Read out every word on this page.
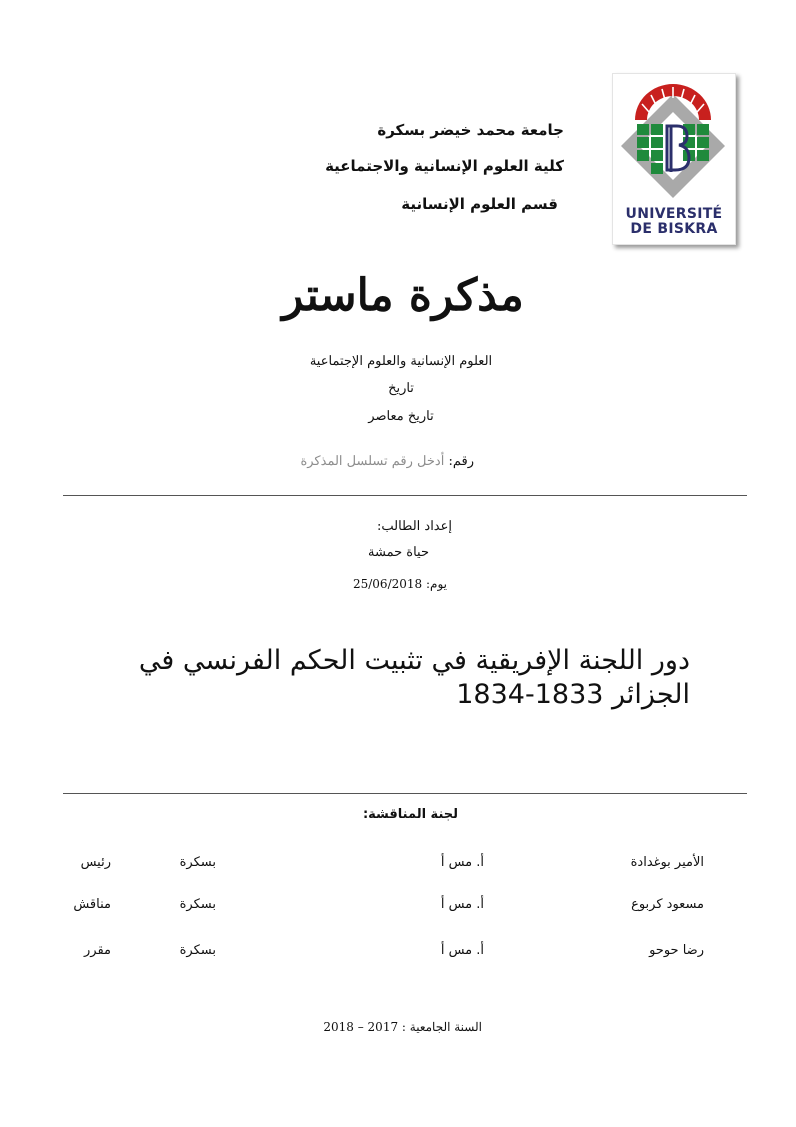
جامعة محمد خيضر بسكرة
كلية العلوم الإنسانية والاجتماعية
قسم العلوم الإنسانية
UNIVERSITÉ
DE BISKRA
مذكرة ماستر
العلوم الإنسانية والعلوم الإجتماعية
تاريخ
تاريخ معاصر
رقم: أدخل رقم تسلسل المذكرة
إعداد الطالب:
حياة حمشة
يوم: 25/06/2018
دور اللجنة الإفريقية في تثبيت الحكم الفرنسي في الجزائر 1833-1834
لجنة المناقشة:
الأمير بوغدادة
أ. مس أ
بسكرة
رئيس
مسعود كربوع
أ. مس أ
بسكرة
مناقش
رضا حوحو
أ. مس أ
بسكرة
مقرر
السنة الجامعية : 2017 – 2018
